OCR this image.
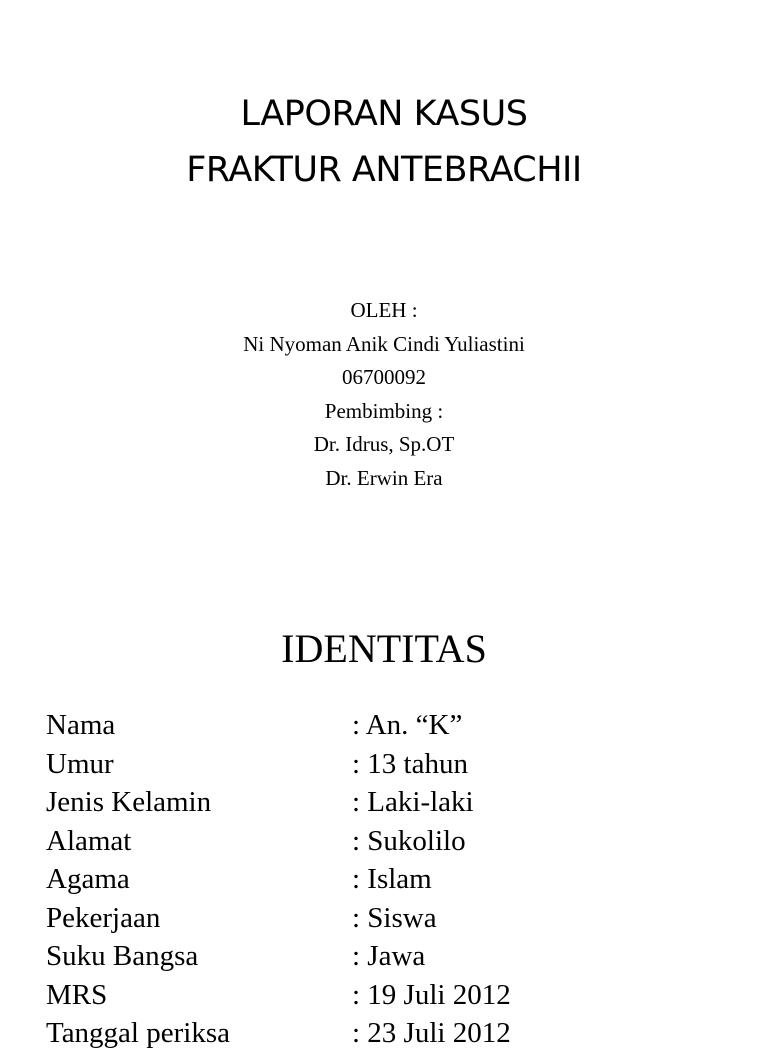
LAPORAN KASUS
FRAKTUR ANTEBRACHII
OLEH :
Ni Nyoman Anik Cindi Yuliastini
06700092
Pembimbing :
Dr. Idrus, Sp.OT
Dr. Erwin Era
IDENTITAS
Nama	: An. “K”
Umur	: 13 tahun
Jenis Kelamin	: Laki-laki
Alamat	: Sukolilo
Agama	: Islam
Pekerjaan	: Siswa
Suku Bangsa	: Jawa
MRS	: 19 Juli 2012
Tanggal periksa	: 23 Juli 2012
